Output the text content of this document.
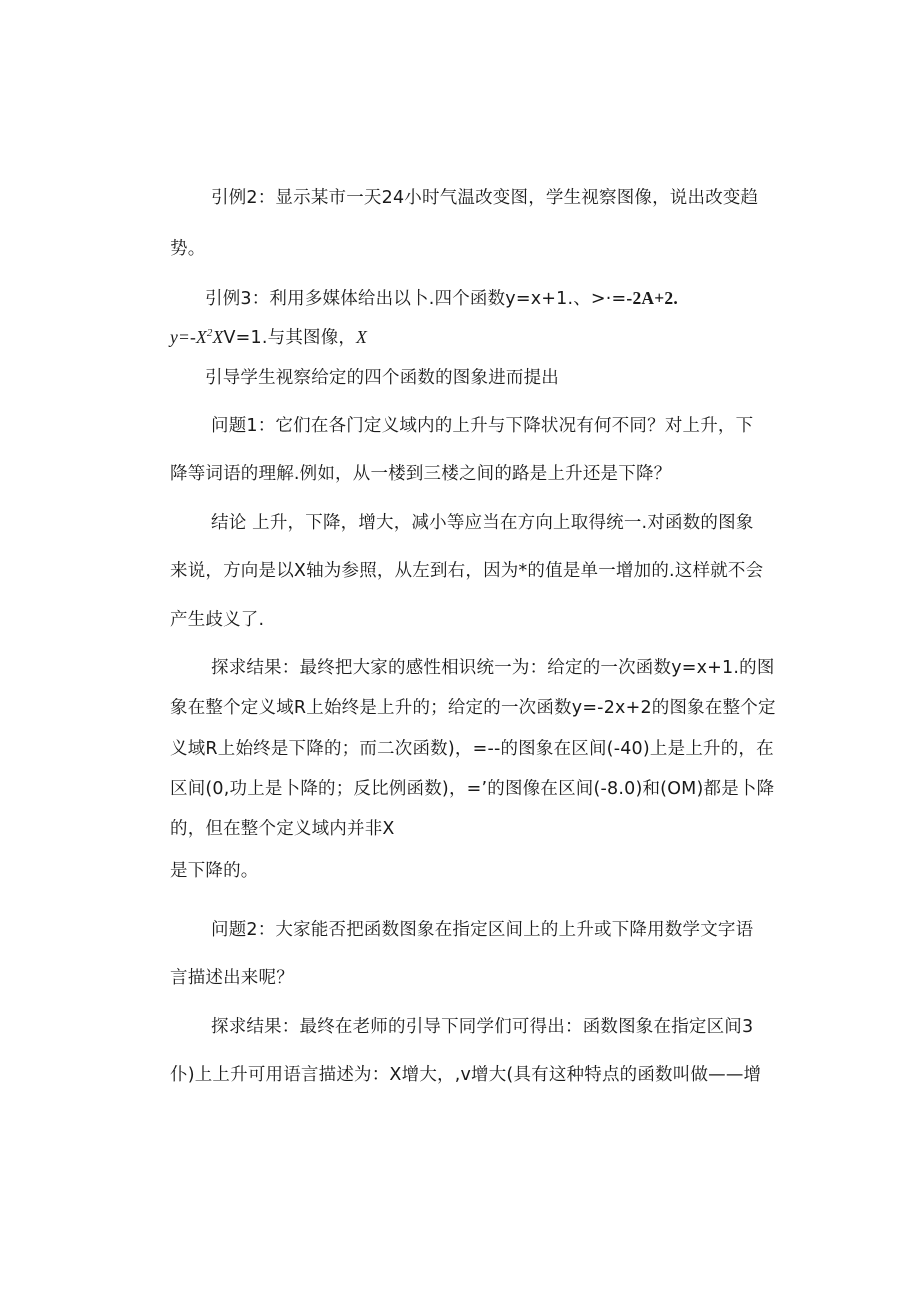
引例2：显示某市一天24小时气温改变图，学生视察图像，说出改变趋
势。
引例3：利用多媒体给出以卜.四个函数y=x+1.、>·=-2A+2.
$y=-X^2XV=1$.与其图像，X
引导学生视察给定的四个函数的图象进而提出
问题1：它们在各门定义域内的上升与下降状况有何不同？对上升，下
降等词语的理解.例如，从一楼到三楼之间的路是上升还是下降？
结论 上升，下降，增大，减小等应当在方向上取得统一.对函数的图象
来说，方向是以X轴为参照，从左到右，因为*的值是单一增加的.这样就不会
产生歧义了.
探求结果：最终把大家的感性相识统一为：给定的一次函数y=x+1.的图
象在整个定义域R上始终是上升的；给定的一次函数y=-2x+2的图象在整个定
义域R上始终是下降的；而二次函数)，=--的图象在区间(-40)上是上升的，在
区间(0,功上是卜降的；反比例函数)，=’的图像在区间(-8.0)和(OM)都是卜降
的，但在整个定义域内并非X
是下降的。
问题2：大家能否把函数图象在指定区间上的上升或下降用数学文字语
言描述出来呢？
探求结果：最终在老师的引导下同学们可得出：函数图象在指定区间3
仆)上上升可用语言描述为：X增大，,v增大(具有这种特点的函数叫做——增
